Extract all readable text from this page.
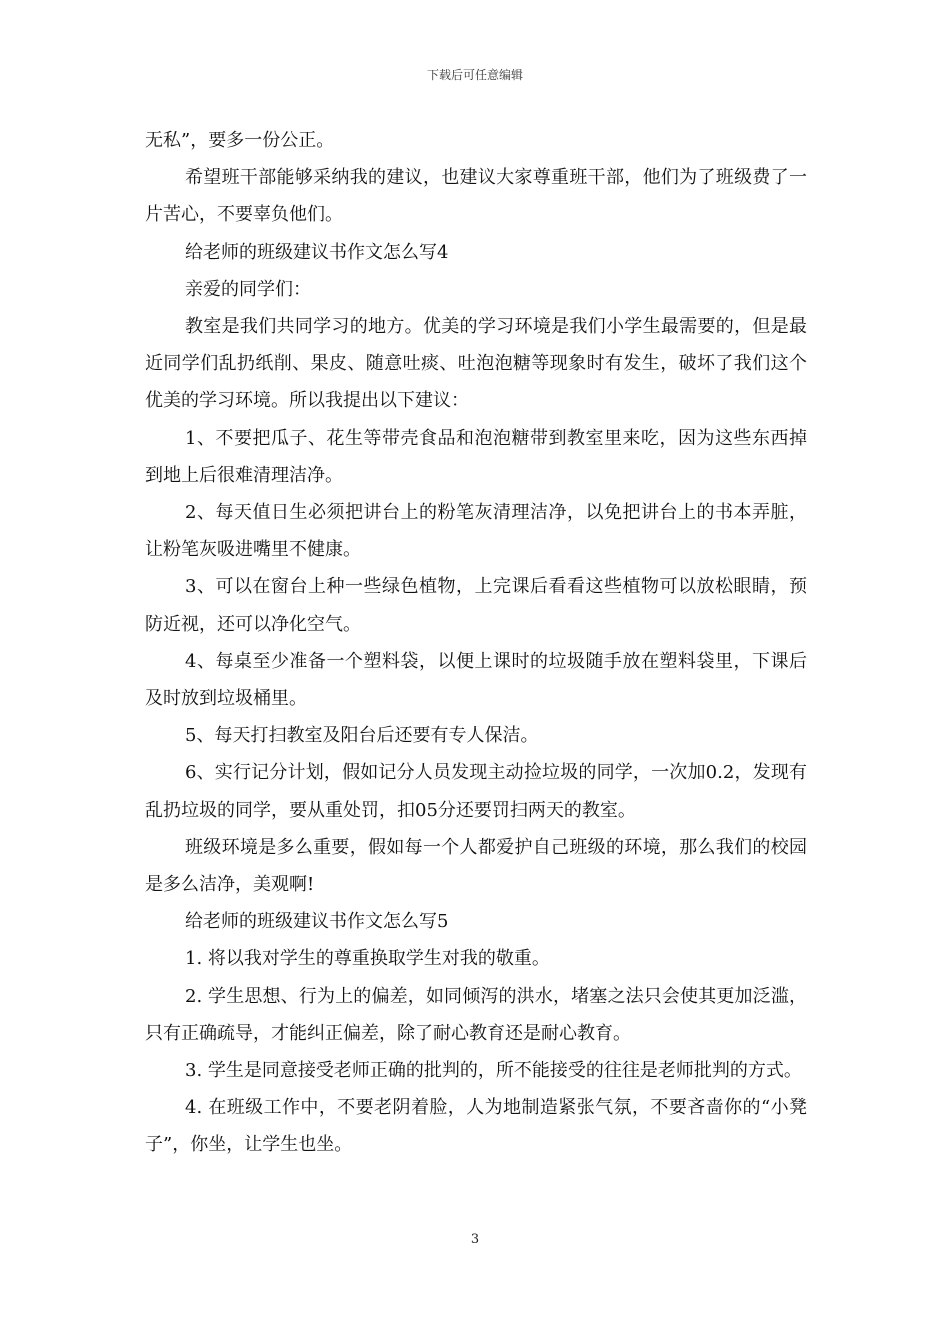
下载后可任意编辑

无私”，要多一份公正。

希望班干部能够采纳我的建议，也建议大家尊重班干部，他们为了班级费了一片苦心，不要辜负他们。

给老师的班级建议书作文怎么写4

亲爱的同学们：

教室是我们共同学习的地方。优美的学习环境是我们小学生最需要的，但是最近同学们乱扔纸削、果皮、随意吐痰、吐泡泡糖等现象时有发生，破坏了我们这个优美的学习环境。所以我提出以下建议：

1、不要把瓜子、花生等带壳食品和泡泡糖带到教室里来吃，因为这些东西掉到地上后很难清理洁净。

2、每天值日生必须把讲台上的粉笔灰清理洁净，以免把讲台上的书本弄脏，让粉笔灰吸进嘴里不健康。

3、可以在窗台上种一些绿色植物，上完课后看看这些植物可以放松眼睛，预防近视，还可以净化空气。

4、每桌至少准备一个塑料袋，以便上课时的垃圾随手放在塑料袋里，下课后及时放到垃圾桶里。

5、每天打扫教室及阳台后还要有专人保洁。

6、实行记分计划，假如记分人员发现主动捡垃圾的同学，一次加0.2，发现有乱扔垃圾的同学，要从重处罚，扣05分还要罚扫两天的教室。

班级环境是多么重要，假如每一个人都爱护自己班级的环境，那么我们的校园是多么洁净，美观啊!

给老师的班级建议书作文怎么写5

1. 将以我对学生的尊重换取学生对我的敬重。

2. 学生思想、行为上的偏差，如同倾泻的洪水，堵塞之法只会使其更加泛滥，只有正确疏导，才能纠正偏差，除了耐心教育还是耐心教育。

3. 学生是同意接受老师正确的批判的，所不能接受的往往是老师批判的方式。

4. 在班级工作中，不要老阴着脸，人为地制造紧张气氛，不要吝啬你的“小凳子”，你坐，让学生也坐。

3
